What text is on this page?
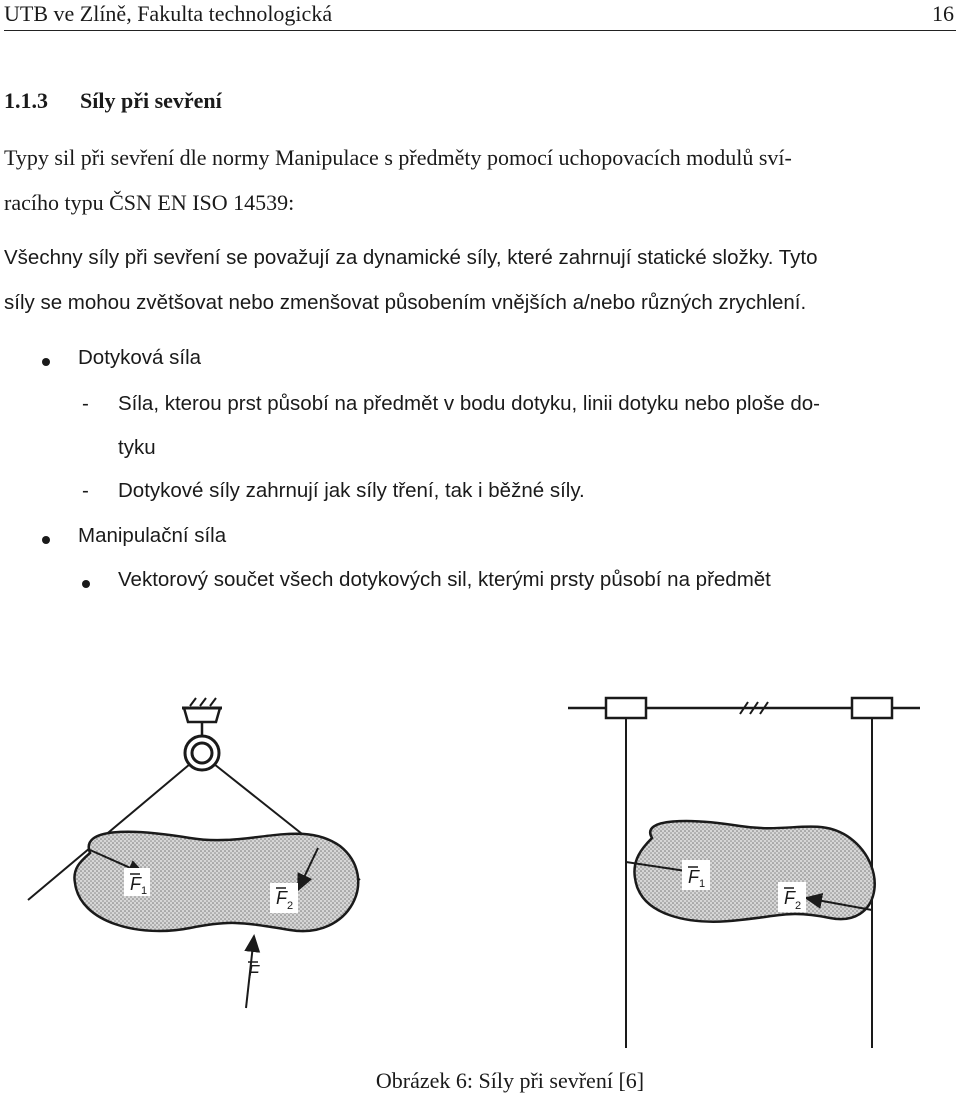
UTB ve Zlíně, Fakulta technologická	16
1.1.3 Síly při sevření
Typy sil při sevření dle normy Manipulace s předměty pomocí uchopovacích modulů sví-
racího typu ČSN EN ISO 14539:
Všechny síly při sevření se považují za dynamické síly, které zahrnují statické složky. Tyto
síly se mohou zvětšovat nebo zmenšovat působením vnějších a/nebo různých zrychlení.
Dotyková síla
- Síla, kterou prst působí na předmět v bodu dotyku, linii dotyku nebo ploše do-
tyku
- Dotykové síly zahrnují jak síly tření, tak i běžné síly.
Manipulační síla
Vektorový součet všech dotykových sil, kterými prsty působí na předmět
F 1	F 2
F
F 1
F 2
Obrázek 6: Síly při sevření [6]
